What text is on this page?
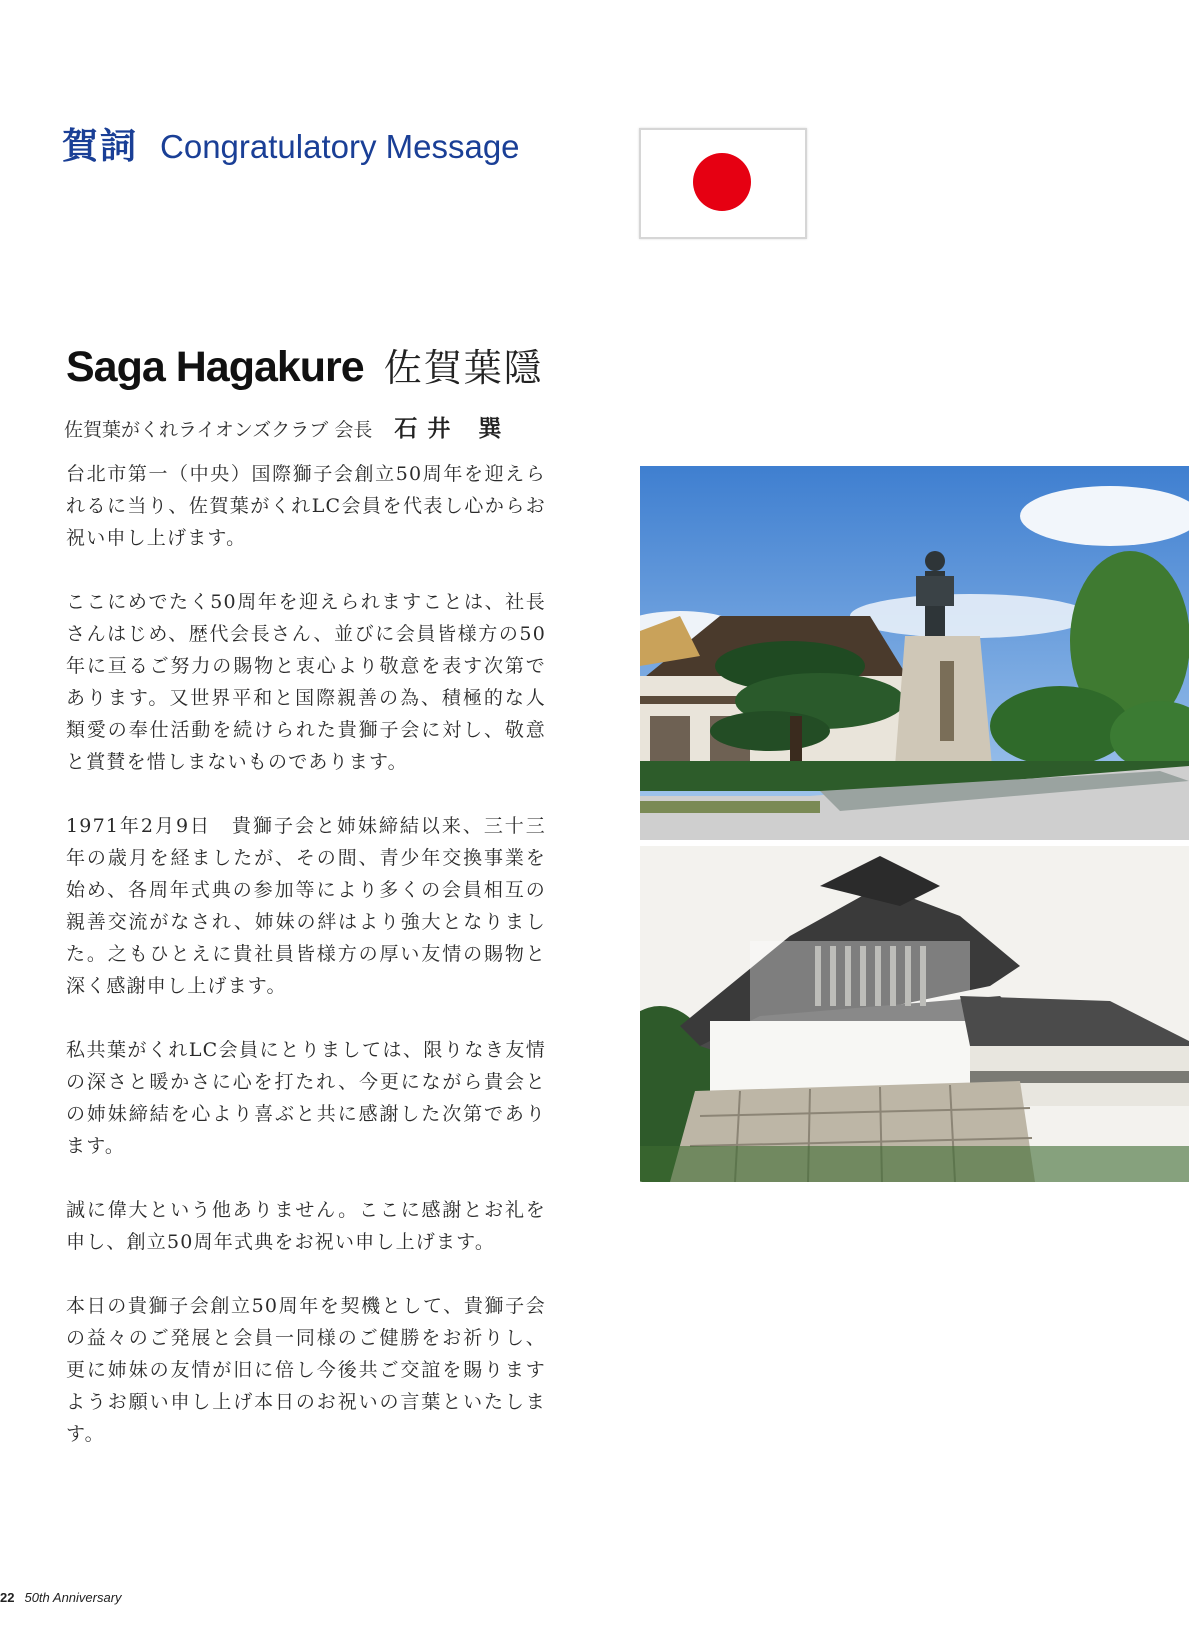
賀詞 Congratulatory Message
Saga Hagakure 佐賀葉隱
佐賀葉がくれライオンズクラブ 会長 石井 巽

台北市第一（中央）国際獅子会創立50周年を迎えられるに当り、佐賀葉がくれLC会員を代表し心からお祝い申し上げます。

ここにめでたく50周年を迎えられますことは、社長さんはじめ、歴代会長さん、並びに会員皆様方の50年に亘るご努力の賜物と衷心より敬意を表す次第であります。又世界平和と国際親善の為、積極的な人類愛の奉仕活動を続けられた貴獅子会に対し、敬意と賞賛を惜しまないものであります。

1971年2月9日　貴獅子会と姉妹締結以来、三十三年の歳月を経ましたが、その間、青少年交換事業を始め、各周年式典の参加等により多くの会員相互の親善交流がなされ、姉妹の絆はより強大となりました。之もひとえに貴社員皆様方の厚い友情の賜物と深く感謝申し上げます。

私共葉がくれLC会員にとりましては、限りなき友情の深さと暖かさに心を打たれ、今更にながら貴会との姉妹締結を心より喜ぶと共に感謝した次第であります。

誠に偉大という他ありません。ここに感謝とお礼を申し、創立50周年式典をお祝い申し上げます。

本日の貴獅子会創立50周年を契機として、貴獅子会の益々のご発展と会員一同様のご健勝をお祈りし、更に姉妹の友情が旧に倍し今後共ご交誼を賜りますようお願い申し上げ本日のお祝いの言葉といたします。

22 50th Anniversary
